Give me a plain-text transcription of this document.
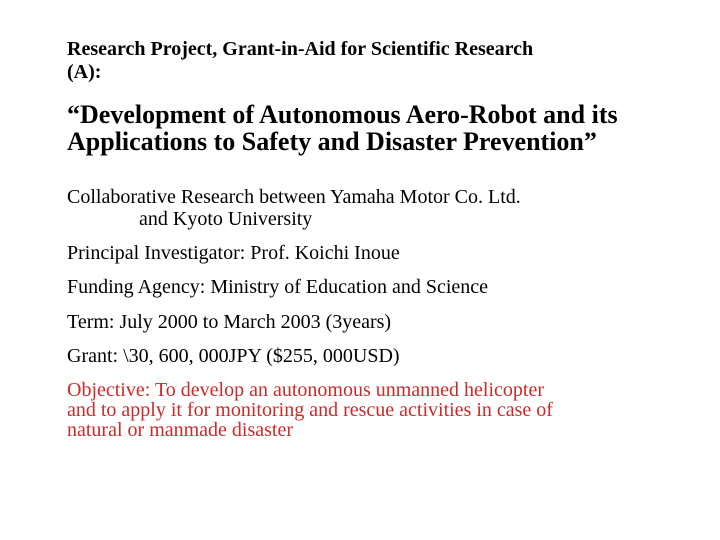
Research Project, Grant-in-Aid for Scientific Research
(A):
“Development of Autonomous Aero-Robot and its
Applications to Safety and Disaster Prevention”
Collaborative Research between Yamaha Motor Co. Ltd.
and Kyoto University
Principal Investigator: Prof. Koichi Inoue
Funding Agency: Ministry of Education and Science
Term: July 2000 to March 2003 (3years)
Grant: \30, 600, 000JPY ($255, 000USD)
Objective: To develop an autonomous unmanned helicopter
and to apply it for monitoring and rescue activities in case of
natural or manmade disaster
